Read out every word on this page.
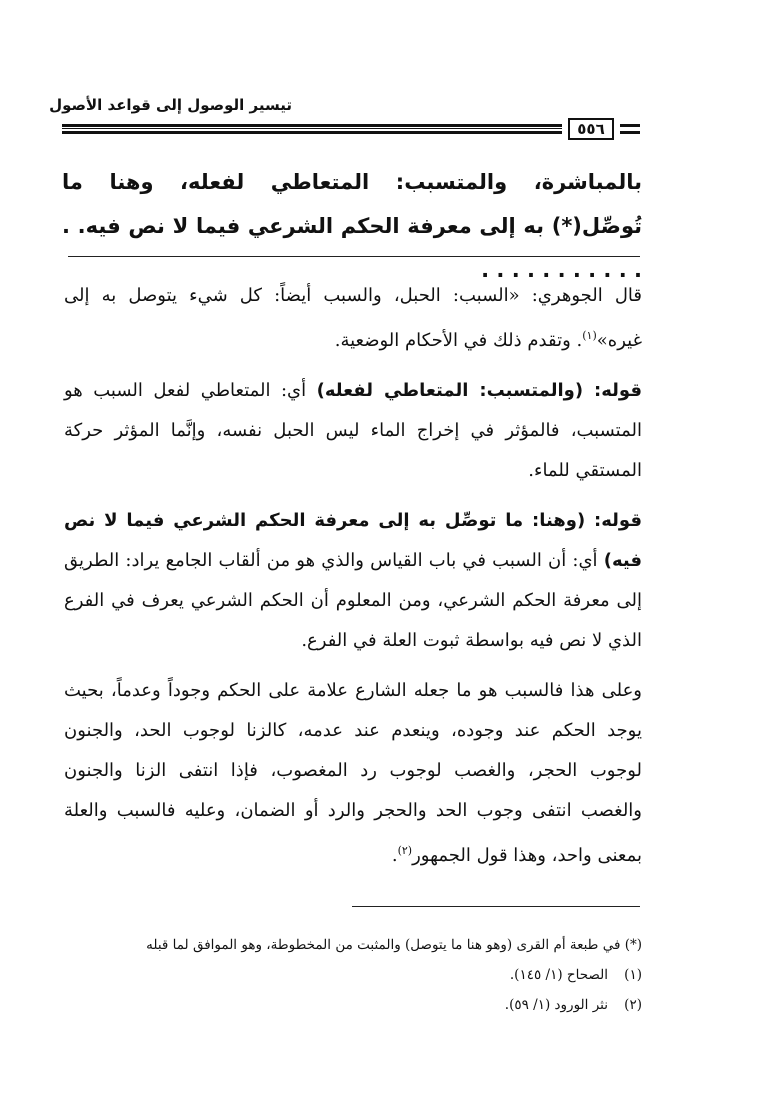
تيسير الوصول إلى قواعد الأصول
٥٥٦
بالمباشرة، والمتسبب: المتعاطي لفعله، وهنا ما تُوصِّل(*) به إلى معرفة الحكم الشرعي فيما لا نص فيه. . . . . . . . . . . . .

قال الجوهري: «السبب: الحبل، والسبب أيضاً: كل شيء يتوصل به إلى غيره»$^{(١)}$. وتقدم ذلك في الأحكام الوضعية.

قوله: (والمتسبب: المتعاطي لفعله) أي: المتعاطي لفعل السبب هو المتسبب، فالمؤثر في إخراج الماء ليس الحبل نفسه، وإنَّما المؤثر حركة المستقي للماء.

قوله: (وهنا: ما توصِّل به إلى معرفة الحكم الشرعي فيما لا نص فيه) أي: أن السبب في باب القياس والذي هو من ألقاب الجامع يراد: الطريق إلى معرفة الحكم الشرعي، ومن المعلوم أن الحكم الشرعي يعرف في الفرع الذي لا نص فيه بواسطة ثبوت العلة في الفرع.

وعلى هذا فالسبب هو ما جعله الشارع علامة على الحكم وجوداً وعدماً، بحيث يوجد الحكم عند وجوده، وينعدم عند عدمه، كالزنا لوجوب الحد، والجنون لوجوب الحجر، والغصب لوجوب رد المغصوب، فإذا انتفى الزنا والجنون والغصب انتفى وجوب الحد والحجر والرد أو الضمان، وعليه فالسبب والعلة بمعنى واحد، وهذا قول الجمهور$^{(٢)}$.

(*) في طبعة أم القرى (وهو هنا ما يتوصل) والمثبت من المخطوطة، وهو الموافق لما قبله
(١)الصحاح (١/ ١٤٥).
(٢)نثر الورود (١/ ٥٩).
